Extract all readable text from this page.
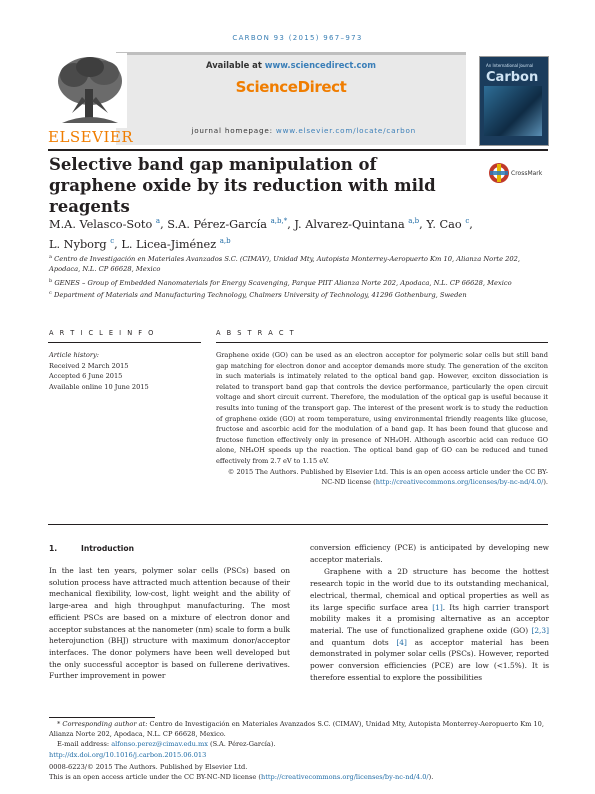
CARBON 93 (2015) 967–973
Available at www.sciencedirect.com
ScienceDirect
journal homepage: www.elsevier.com/locate/carbon
ELSEVIER
An International Journal
Carbon
Selective band gap manipulation of graphene oxide by its reduction with mild reagents
CrossMark
M.A. Velasco-Soto $^a$, S.A. Pérez-García $^{a,b,*}$, J. Alvarez-Quintana $^{a,b}$, Y. Cao $^c$,
L. Nyborg $^c$, L. Licea-Jiménez $^{a,b}$
$^a$ Centro de Investigación en Materiales Avanzados S.C. (CIMAV), Unidad Mty, Autopista Monterrey-Aeropuerto Km 10, Alianza Norte 202, Apodaca, N.L. CP 66628, Mexico
$^b$ GENES – Group of Embedded Nanomaterials for Energy Scavenging, Parque PIIT Alianza Norte 202, Apodaca, N.L. CP 66628, Mexico
$^c$ Department of Materials and Manufacturing Technology, Chalmers University of Technology, 41296 Gothenburg, Sweden
A R T I C L E I N F O	A B S T R A C T
Article history:
Received 2 March 2015
Accepted 6 June 2015
Available online 10 June 2015
Graphene oxide (GO) can be used as an electron acceptor for polymeric solar cells but still band gap matching for electron donor and acceptor demands more study. The generation of the exciton in such materials is intimately related to the optical band gap. However, exciton dissociation is related to transport band gap that controls the device performance, particularly the open circuit voltage and short circuit current. Therefore, the modulation of the optical gap is useful because it results into tuning of the transport gap. The interest of the present work is to study the reduction of graphene oxide (GO) at room temperature, using environmental friendly reagents like glucose, fructose and ascorbic acid for the modulation of a band gap. It has been found that glucose and fructose function effectively only in presence of NH₄OH. Although ascorbic acid can reduce GO alone, NH₄OH speeds up the reaction. The optical band gap of GO can be reduced and tuned effectively from 2.7 eV to 1.15 eV.
© 2015 The Authors. Published by Elsevier Ltd. This is an open access article under the CC BY-NC-ND license (http://creativecommons.org/licenses/by-nc-nd/4.0/).
1.	Introduction
In the last ten years, polymer solar cells (PSCs) based on solution process have attracted much attention because of their mechanical flexibility, low-cost, light weight and the ability of large-area and high throughput manufacturing. The most efficient PSCs are based on a mixture of electron donor and acceptor substances at the nanometer (nm) scale to form a bulk heterojunction (BHJ) structure with maximum donor/acceptor interfaces. The donor polymers have been well developed but the only successful acceptor is based on fullerene derivatives. Further improvement in power
conversion efficiency (PCE) is anticipated by developing new acceptor materials.
Graphene with a 2D structure has become the hottest research topic in the world due to its outstanding mechanical, electrical, thermal, chemical and optical properties as well as its large specific surface area [1]. Its high carrier transport mobility makes it a promising alternative as an acceptor material. The use of functionalized graphene oxide (GO) [2,3] and quantum dots [4] as acceptor material has been demonstrated in polymer solar cells (PSCs). However, reported power conversion efficiencies (PCE) are low (<1.5%). It is therefore essential to explore the possibilities
* Corresponding author at: Centro de Investigación en Materiales Avanzados S.C. (CIMAV), Unidad Mty, Autopista Monterrey-Aeropuerto Km 10, Alianza Norte 202, Apodaca, N.L. CP 66628, Mexico.
E-mail address: alfonso.perez@cimav.edu.mx (S.A. Pérez-García).
http://dx.doi.org/10.1016/j.carbon.2015.06.013
0008-6223/© 2015 The Authors. Published by Elsevier Ltd.
This is an open access article under the CC BY-NC-ND license (http://creativecommons.org/licenses/by-nc-nd/4.0/).
